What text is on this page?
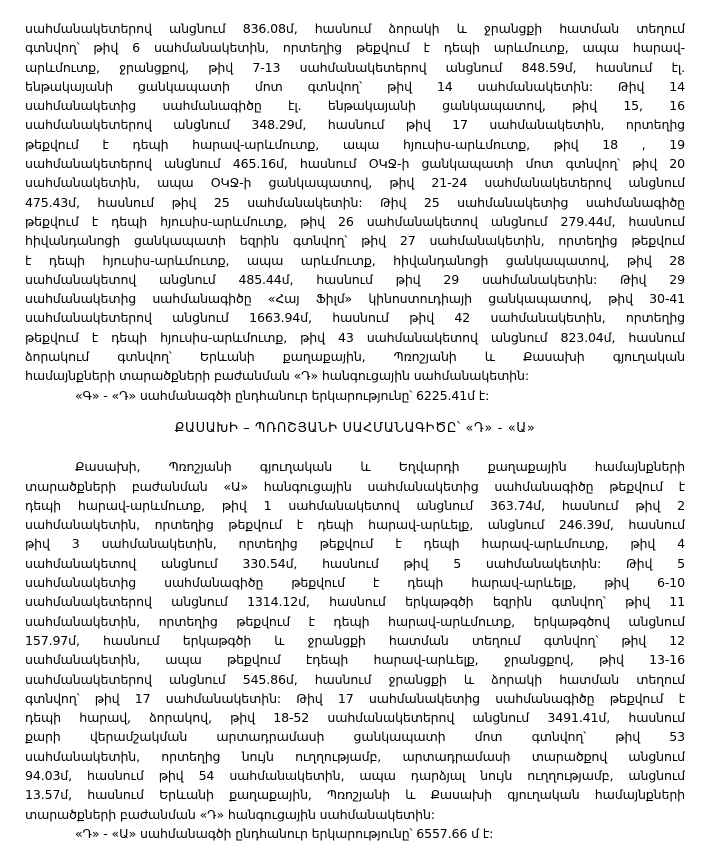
սահմանակետերով անցնում 836.08մ, հասնում ձորակի և ջրանցքի հատման տեղում
գտնվող՝ թիվ 6 սահմանակետին, որտեղից թեքվում է դեպի արևմուտք, ապա հարավ-
արևմուտք, ջրանցքով, թիվ 7-13 սահմանակետերով անցնում 848.59մ, հասնում էլ.
ենթակայանի ցանկապատի մոտ գտնվող՝ թիվ 14 սահմանակետին: Թիվ 14
սահմանակետից սահմանագիծը էլ. ենթակայանի ցանկապատով, թիվ 15, 16
սահմանակետերով անցնում 348.29մ, հասնում թիվ 17 սահմանակետին, որտեղից
թեքվում է դեպի հարավ-արևմուտք, ապա հյուսիս-արևմուտք, թիվ 18 , 19
սահմանակետերով անցնում 465.16մ, հասնում ՕԿՋ-ի ցանկապատի մոտ գտնվող՝ թիվ 20
սահմանակետին, ապա ՕԿՋ-ի ցանկապատով, թիվ 21-24 սահմանակետերով անցնում
475.43մ, հասնում թիվ 25 սահմանակետին: Թիվ 25 սահմանակետից սահմանագիծը
թեքվում է դեպի հյուսիս-արևմուտք, թիվ 26 սահմանակետով անցնում 279.44մ, հասնում
հիվանդանոցի ցանկապատի եզրին գտնվող՝ թիվ 27 սահմանակետին, որտեղից թեքվում
է դեպի հյուսիս-արևմուտք, ապա արևմուտք, հիվանդանոցի ցանկապատով, թիվ 28
սահմանակետով անցնում 485.44մ, հասնում թիվ 29 սահմանակետին: Թիվ 29
սահմանակետից սահմանագիծը «Հայ Ֆիլմ» կինոստուդիայի ցանկապատով, թիվ 30-41
սահմանակետերով անցնում 1663.94մ, հասնում թիվ 42 սահմանակետին, որտեղից
թեքվում է դեպի հյուսիս-արևմուտք, թիվ 43 սահմանակետով անցնում 823.04մ, հասնում
ձորակում գտնվող՝ Երևանի քաղաքային, Պռոշյանի և Քասախի գյուղական
համայնքների տարածքների բաժանման «Դ» հանգուցային սահմանակետին:
«Գ» - «Դ» սահմանագծի ընդհանուր երկարությունը՝ 6225.41մ է:
ՔԱՍԱԽԻ – ՊՌՈՇՅԱՆԻ ՍԱՀՄԱՆԱԳԻԾԸ՝ «Դ» - «Ա»
Քասախի, Պռոշյանի գյուղական և Եղվարդի քաղաքային համայնքների
տարածքների բաժանման «Ա» հանգուցային սահմանակետից սահմանագիծը թեքվում է
դեպի հարավ-արևմուտք, թիվ 1 սահմանակետով անցնում 363.74մ, հասնում թիվ 2
սահմանակետին, որտեղից թեքվում է դեպի հարավ-արևելք, անցնում 246.39մ, հասնում
թիվ 3 սահմանակետին, որտեղից թեքվում է դեպի հարավ-արևմուտք, թիվ 4
սահմանակետով անցնում 330.54մ, հասնում թիվ 5 սահմանակետին: Թիվ 5
սահմանակետից սահմանագիծը թեքվում է դեպի հարավ-արևելք, թիվ 6-10
սահմանակետերով անցնում 1314.12մ, հասնում երկաթգծի եզրին գտնվող՝ թիվ 11
սահմանակետին, որտեղից թեքվում է դեպի հարավ-արևմուտք, երկաթգծով անցնում
157.97մ, հասնում երկաթգծի և ջրանցքի հատման տեղում գտնվող՝ թիվ 12
սահմանակետին, ապա թեքվում էդեպի հարավ-արևելք, ջրանցքով, թիվ 13-16
սահմանակետերով անցնում 545.86մ, հասնում ջրանցքի և ձորակի հատման տեղում
գտնվող՝ թիվ 17 սահմանակետին: Թիվ 17 սահմանակետից սահմանագիծը թեքվում է
դեպի հարավ, ձորակով, թիվ 18-52 սահմանակետերով անցնում 3491.41մ, հասնում
քարի վերամշակման արտադրամասի ցանկապատի մոտ գտնվող՝ թիվ 53
սահմանակետին, որտեղից նույն ուղղությամբ, արտադրամասի տարածքով անցնում
94.03մ, հասնում թիվ 54 սահմանակետին, ապա դարձյալ նույն ուղղությամբ, անցնում
13.57մ, հասնում Երևանի քաղաքային, Պռոշյանի և Քասախի գյուղական համայնքների
տարածքների բաժանման «Դ» հանգուցային սահմանակետին:
«Դ» - «Ա» սահմանագծի ընդհանուր երկարությունը՝ 6557.66 մ է:
